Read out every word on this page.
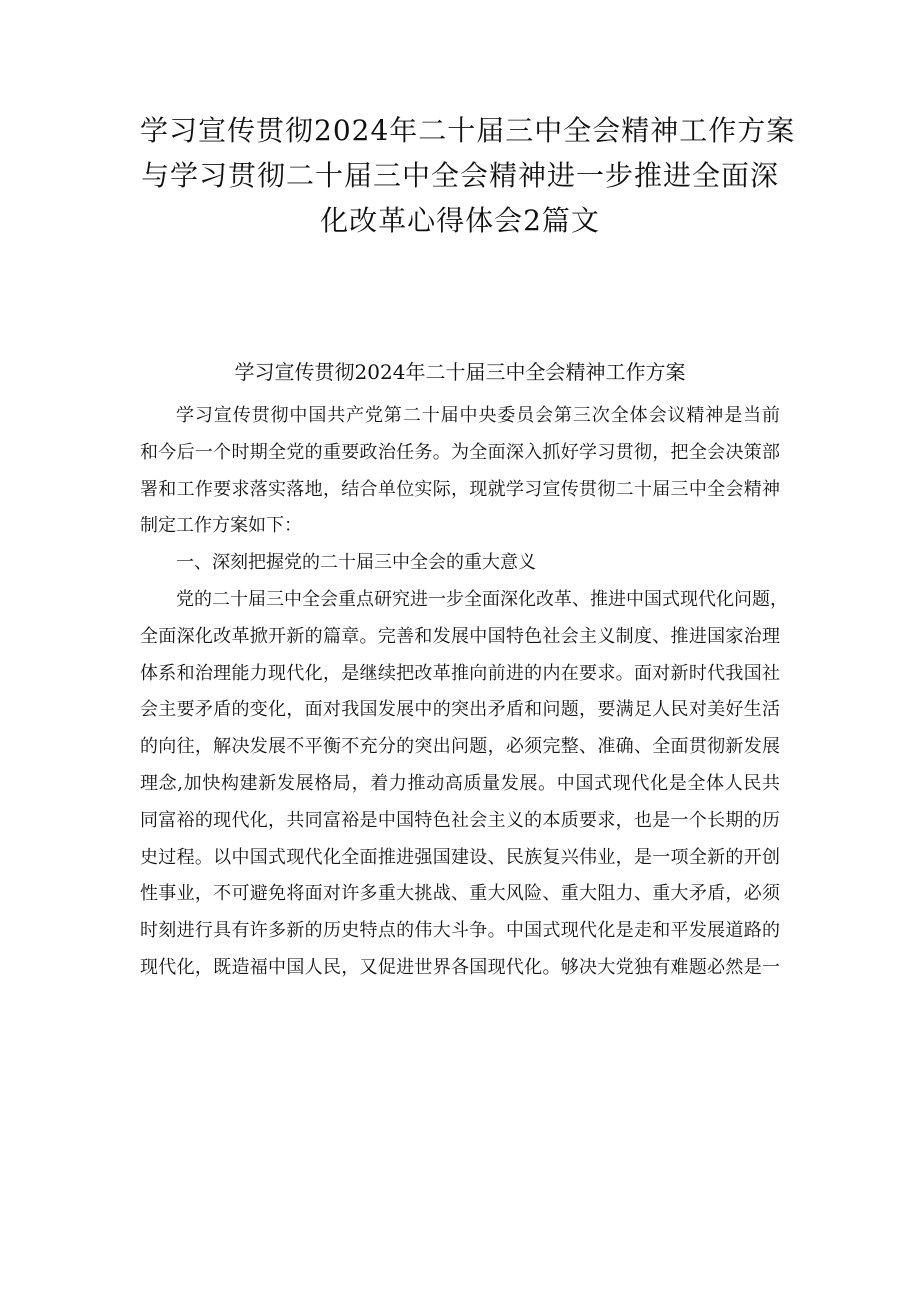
学习宣传贯彻2024年二十届三中全会精神工作方案
与学习贯彻二十届三中全会精神进一步推进全面深
化改革心得体会2篇文
学习宣传贯彻2024年二十届三中全会精神工作方案
学习宣传贯彻中国共产党第二十届中央委员会第三次全体会议精神是当前
和今后一个时期全党的重要政治任务。为全面深入抓好学习贯彻，把全会决策部
署和工作要求落实落地，结合单位实际，现就学习宣传贯彻二十届三中全会精神
制定工作方案如下：
一、深刻把握党的二十届三中全会的重大意义
党的二十届三中全会重点研究进一步全面深化改革、推进中国式现代化问题，
全面深化改革掀开新的篇章。完善和发展中国特色社会主义制度、推进国家治理
体系和治理能力现代化，是继续把改革推向前进的内在要求。面对新时代我国社
会主要矛盾的变化，面对我国发展中的突出矛盾和问题，要满足人民对美好生活
的向往，解决发展不平衡不充分的突出问题，必须完整、准确、全面贯彻新发展
理念,加快构建新发展格局，着力推动高质量发展。中国式现代化是全体人民共
同富裕的现代化，共同富裕是中国特色社会主义的本质要求，也是一个长期的历
史过程。以中国式现代化全面推进强国建设、民族复兴伟业，是一项全新的开创
性事业，不可避免将面对许多重大挑战、重大风险、重大阻力、重大矛盾，必须
时刻进行具有许多新的历史特点的伟大斗争。中国式现代化是走和平发展道路的
现代化，既造福中国人民，又促进世界各国现代化。够决大党独有难题必然是一
